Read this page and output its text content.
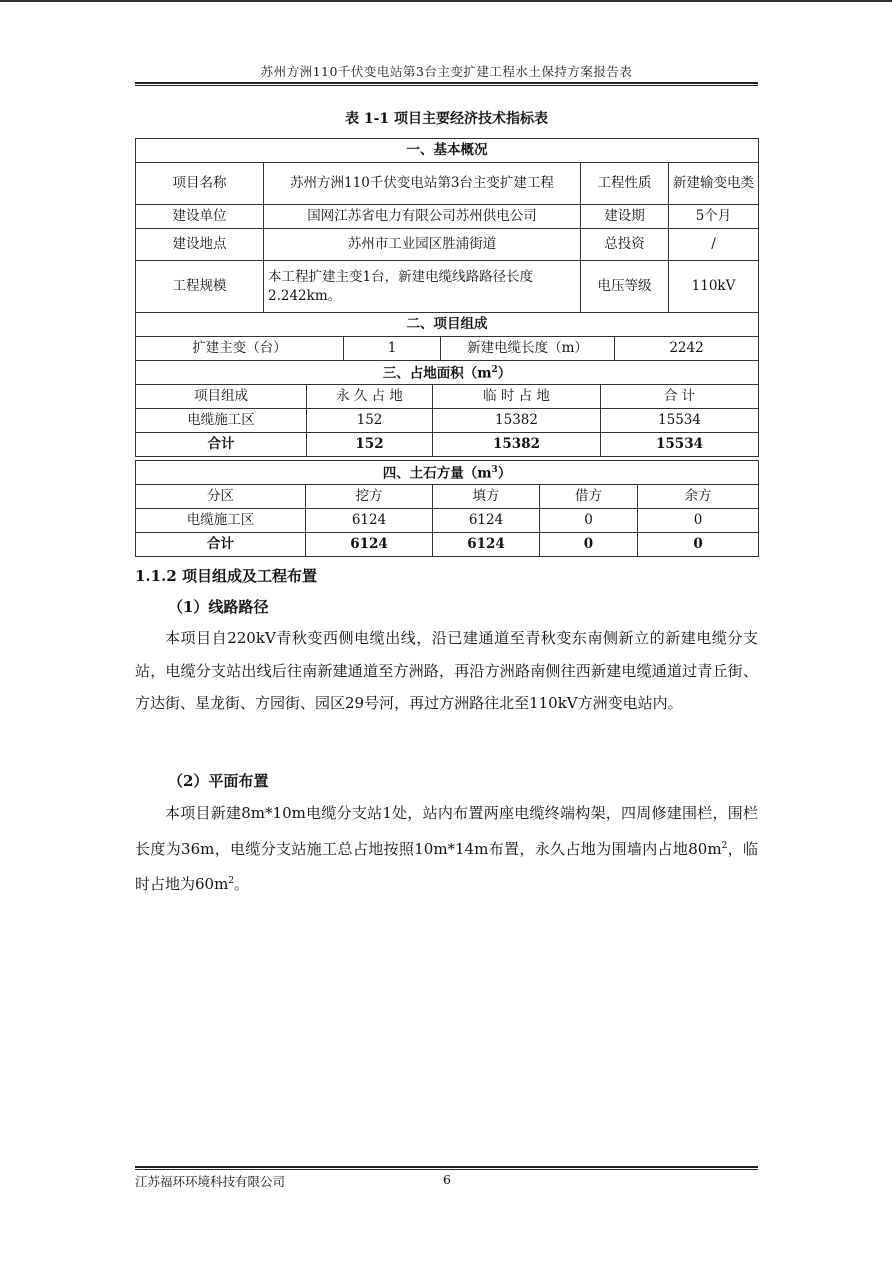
苏州方洲110千伏变电站第3台主变扩建工程水土保持方案报告表
表 1-1 项目主要经济技术指标表
一、基本概况			
项目名称	苏州方洲110千伏变电站第3台主变扩建工程	工程性质	新建输变电类
建设单位	国网江苏省电力有限公司苏州供电公司	建设期	5个月
建设地点	苏州市工业园区胜浦街道	总投资	/
工程规模	本工程扩建主变1台，新建电缆线路路径长度2.242km。	电压等级	110kV
二、项目组成
扩建主变（台）	1	新建电缆长度（m）	2242
三、占地面积$(m^2)$			
项目组成	永 久 占 地	临 时 占 地	合 计
电缆施工区	152	15382	15534
合计	152	15382	15534
四、土石方量$(m^3)$				
分区	挖方	填方	借方	余方
电缆施工区	6124	6124	0	0
合计	6124	6124	0	0
1.1.2 项目组成及工程布置
（1）线路路径
本项目自220kV青秋变西侧电缆出线，沿已建通道至青秋变东南侧新立的新建电缆分支站，电缆分支站出线后往南新建通道至方洲路，再沿方洲路南侧往西新建电缆通道过青丘街、方达街、星龙街、方园街、园区29号河，再过方洲路往北至110kV方洲变电站内。
（2）平面布置
本项目新建8m*10m电缆分支站1处，站内布置两座电缆终端构架，四周修建围栏，围栏长度为36m，电缆分支站施工总占地按照10m*14m布置，永久占地为围墙内占地$80m^2$，临时占地为$60m^2$。
江苏福环环境科技有限公司	6
